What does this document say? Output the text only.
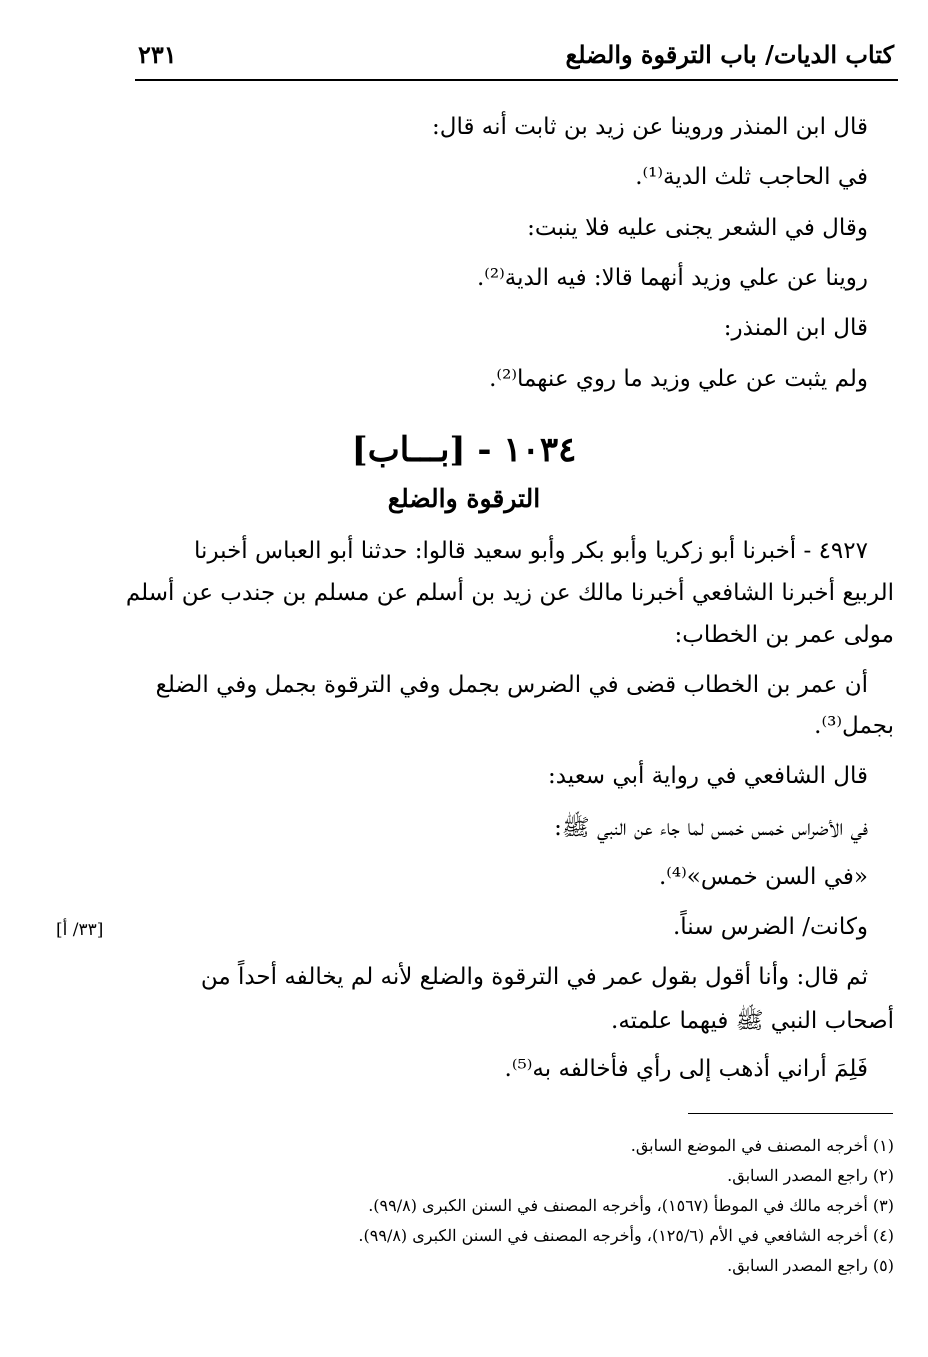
كتاب الديات/ باب الترقوة والضلع
٢٣١
قال ابن المنذر وروينا عن زيد بن ثابت أنه قال:
في الحاجب ثلث الدية⁽¹⁾.
وقال في الشعر يجنى عليه فلا ينبت:
روينا عن علي وزيد أنهما قالا: فيه الدية⁽²⁾.
قال ابن المنذر:
ولم يثبت عن علي وزيد ما روي عنهما⁽²⁾.
١٠٣٤ - [بـــاب]
الترقوة والضلع
٤٩٢٧ - أخبرنا أبو زكريا وأبو بكر وأبو سعيد قالوا: حدثنا أبو العباس أخبرنا
الربيع أخبرنا الشافعي أخبرنا مالك عن زيد بن أسلم عن مسلم بن جندب عن أسلم
مولى عمر بن الخطاب:
أن عمر بن الخطاب قضى في الضرس بجمل وفي الترقوة بجمل وفي الضلع
بجمل⁽³⁾.
قال الشافعي في رواية أبي سعيد:
في الأضراس خمس خمس لما جاء عن النبي ﷺ:
«في السن خمس»⁽⁴⁾.
وكانت/ الضرس سناً.
ثم قال: وأنا أقول بقول عمر في الترقوة والضلع لأنه لم يخالفه أحداً من
أصحاب النبي ﷺ فيهما علمته.
فَلِمَ أراني أذهب إلى رأي فأخالفه به⁽⁵⁾.
[٣٣/ أ]
(١) أخرجه المصنف في الموضع السابق.
(٢) راجع المصدر السابق.
(٣) أخرجه مالك في الموطأ (١٥٦٧)، وأخرجه المصنف في السنن الكبرى (٩٩/٨).
(٤) أخرجه الشافعي في الأم (١٢٥/٦)، وأخرجه المصنف في السنن الكبرى (٩٩/٨).
(٥) راجع المصدر السابق.
